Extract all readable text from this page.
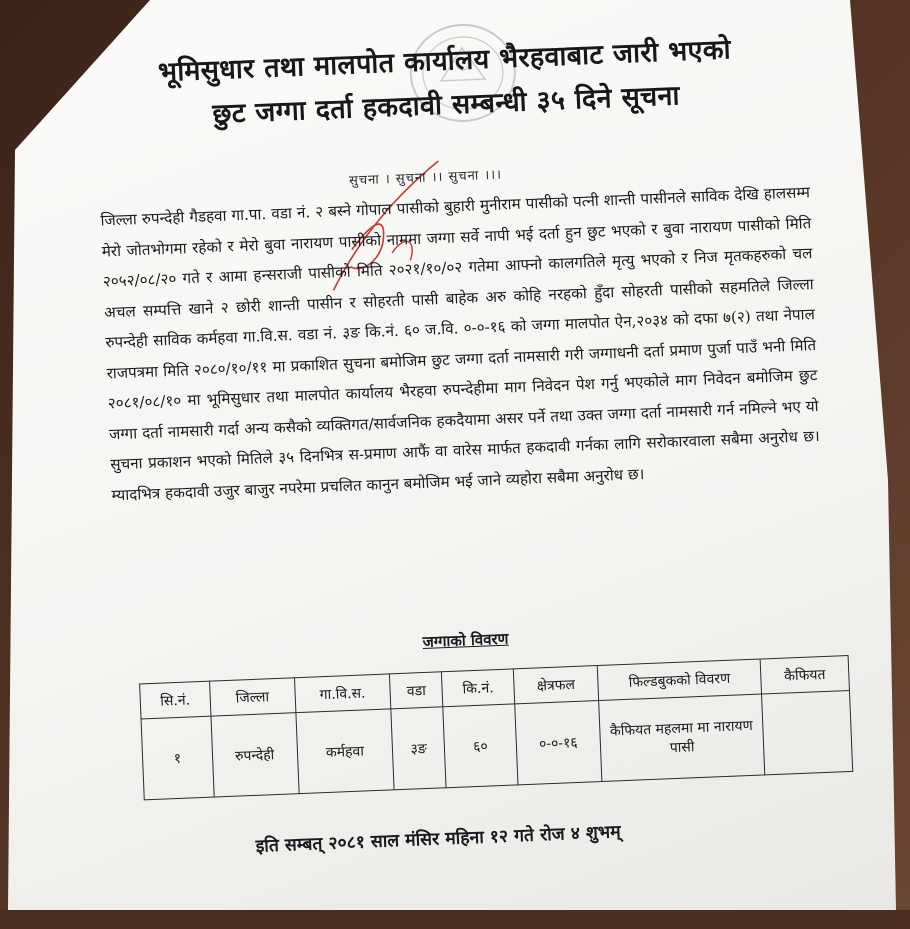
भूमिसुधार तथा मालपोत कार्यालय भैरहवाबाट जारी भएको
छुट जग्गा दर्ता हकदावी सम्बन्धी ३५ दिने सूचना
सुचना । सुचना ।। सुचना ।।।
जिल्ला रुपन्देही गैडहवा गा.पा. वडा नं. २ बस्ने गोपाल पासीको बुहारी मुनीराम पासीको पत्नी शान्ती पासीनले साविक देखि हालसम्म मेरो जोतभोगमा रहेको र मेरो बुवा नारायण पासीको नाममा जग्गा सर्वे नापी भई दर्ता हुन छुट भएको र बुवा नारायण पासीको मिति २०५२/०८/२० गते र आमा हन्सराजी पासीको मिति २०२१/१०/०२ गतेमा आफ्नो कालगतिले मृत्यु भएको र निज मृतकहरुको चल अचल सम्पत्ति खाने २ छोरी शान्ती पासीन र सोहरती पासी बाहेक अरु कोहि नरहको हुँदा सोहरती पासीको सहमतिले जिल्ला रुपन्देही साविक कर्महवा गा.वि.स. वडा नं. ३ङ कि.नं. ६० ज.वि. ०-०-१६ को जग्गा मालपोत ऐन,२०३४ को दफा ७(२) तथा नेपाल राजपत्रमा मिति २०८०/१०/११ मा प्रकाशित सुचना बमोजिम छुट जग्गा दर्ता नामसारी गरी जग्गाधनी दर्ता प्रमाण पुर्जा पाउँ भनी मिति २०८१/०८/१० मा भूमिसुधार तथा मालपोत कार्यालय भैरहवा रुपन्देहीमा माग निवेदन पेश गर्नु भएकोले माग निवेदन बमोजिम छुट जग्गा दर्ता नामसारी गर्दा अन्य कसैको व्यक्तिगत/सार्वजनिक हकदैयामा असर पर्ने तथा उक्त जग्गा दर्ता नामसारी गर्न नमिल्ने भए यो सुचना प्रकाशन भएको मितिले ३५ दिनभित्र स-प्रमाण आफैं वा वारेस मार्फत हकदावी गर्नका लागि सरोकारवाला सबैमा अनुरोध छ। म्यादभित्र हकदावी उजुर बाजुर नपरेमा प्रचलित कानुन बमोजिम भई जाने व्यहोरा सबैमा अनुरोध छ।
जग्गाको विवरण
सि.नं.	जिल्ला	गा.वि.स.	वडा	कि.नं.	क्षेत्रफल	फिल्डबुकको विवरण	कैफियत
१	रुपन्देही	कर्महवा	३ङ	६०	०-०-१६	कैफियत महलमा मा नारायण पासी	
इति सम्बत् २०८१ साल मंसिर महिना १२ गते रोज ४ शुभम्
